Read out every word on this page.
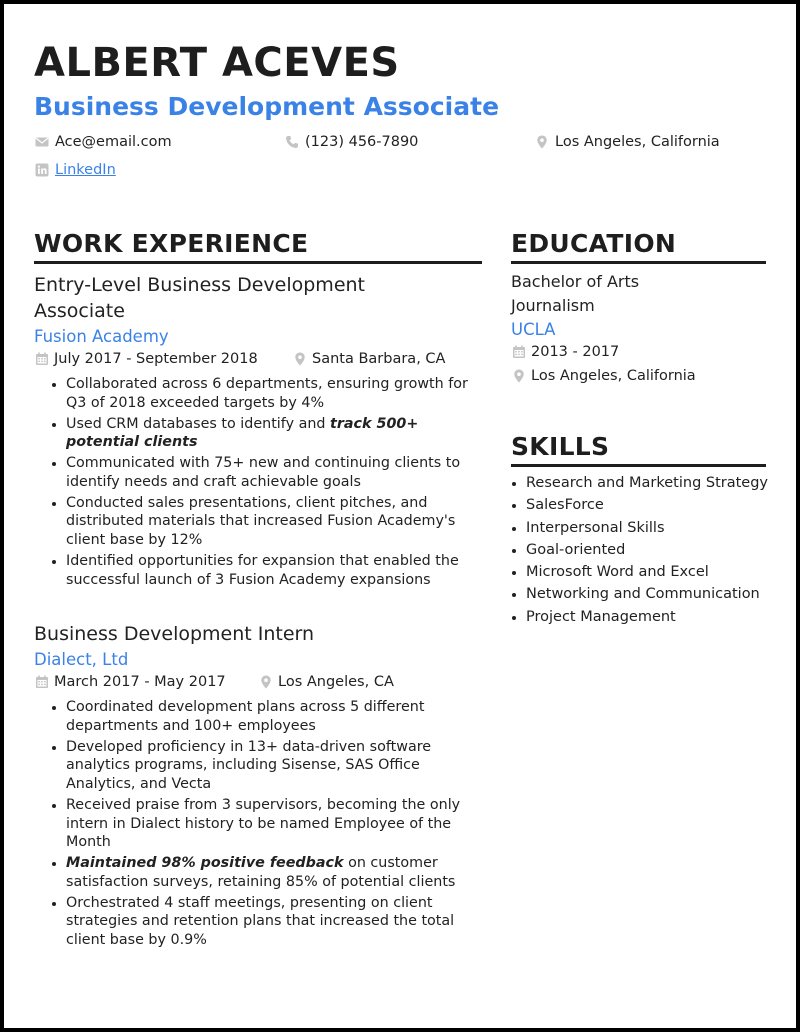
ALBERT ACEVES
Business Development Associate
Ace@email.com	(123) 456-7890	Los Angeles, California
LinkedIn
WORK EXPERIENCE

Entry-Level Business Development
Associate

Fusion Academy

July 2017 - September 2018	Santa Barbara, CA
• Collaborated across 6 departments, ensuring growth for Q3 of 2018 exceeded targets by 4%
• Used CRM databases to identify and track 500+ potential clients
• Communicated with 75+ new and continuing clients to identify needs and craft achievable goals
• Conducted sales presentations, client pitches, and distributed materials that increased Fusion Academy's client base by 12%
• Identified opportunities for expansion that enabled the successful launch of 3 Fusion Academy expansions

Business Development Intern

Dialect, Ltd

March 2017 - May 2017	Los Angeles, CA
• Coordinated development plans across 5 different departments and 100+ employees
• Developed proficiency in 13+ data-driven software analytics programs, including Sisense, SAS Office Analytics, and Vecta
• Received praise from 3 supervisors, becoming the only intern in Dialect history to be named Employee of the Month
• Maintained 98% positive feedback on customer satisfaction surveys, retaining 85% of potential clients
• Orchestrated 4 staff meetings, presenting on client strategies and retention plans that increased the total client base by 0.9%
EDUCATION

Bachelor of Arts

Journalism

UCLA

2013 - 2017
Los Angeles, California
SKILLS
• Research and Marketing Strategy
• SalesForce
• Interpersonal Skills
• Goal-oriented
• Microsoft Word and Excel
• Networking and Communication
• Project Management
